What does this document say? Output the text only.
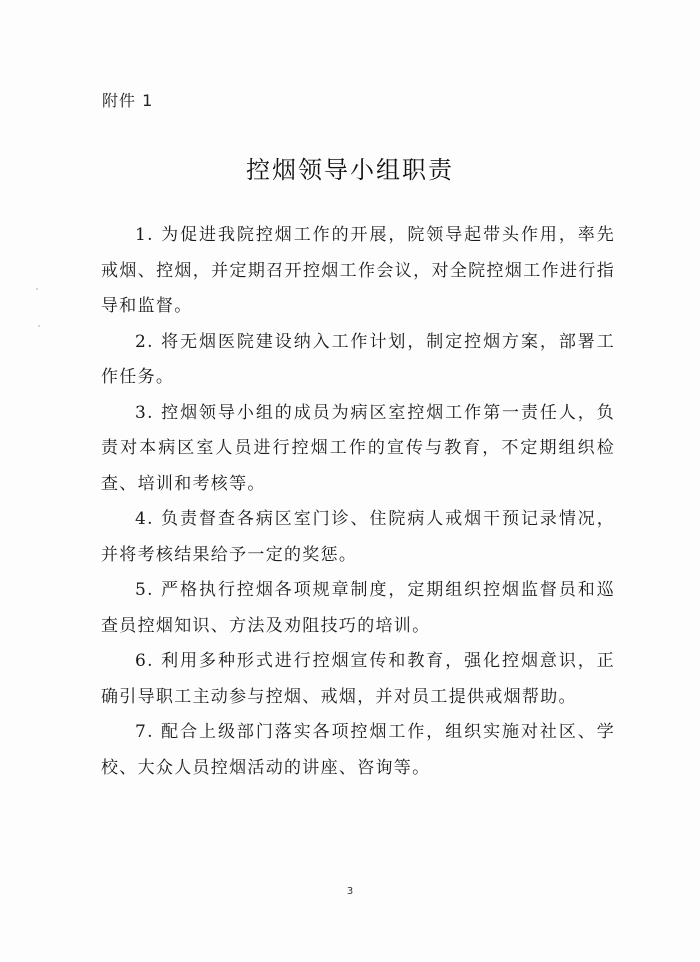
附件 1
控烟领导小组职责

1. 为促进我院控烟工作的开展，院领导起带头作用，率先戒烟、控烟，并定期召开控烟工作会议，对全院控烟工作进行指导和监督。

2. 将无烟医院建设纳入工作计划，制定控烟方案，部署工作任务。

3. 控烟领导小组的成员为病区室控烟工作第一责任人，负责对本病区室人员进行控烟工作的宣传与教育，不定期组织检查、培训和考核等。

4. 负责督查各病区室门诊、住院病人戒烟干预记录情况，并将考核结果给予一定的奖惩。

5. 严格执行控烟各项规章制度，定期组织控烟监督员和巡查员控烟知识、方法及劝阻技巧的培训。

6. 利用多种形式进行控烟宣传和教育，强化控烟意识，正确引导职工主动参与控烟、戒烟，并对员工提供戒烟帮助。

7. 配合上级部门落实各项控烟工作，组织实施对社区、学校、大众人员控烟活动的讲座、咨询等。

3
